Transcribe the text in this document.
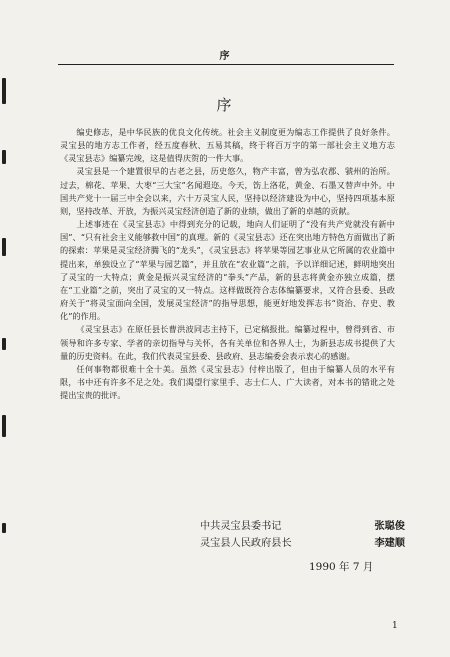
序
序

编史修志，是中华民族的优良文化传统。社会主义制度更为编志工作提供了良好条件。灵宝县的地方志工作者，经五度春秋、五易其稿，终于将百万字的第一部社会主义地方志《灵宝县志》编纂完竣，这是值得庆贺的一件大事。

灵宝县是一个建置很早的古老之县，历史悠久，物产丰富，曾为弘农郡、虢州的治所。过去，棉花、苹果、大枣“三大宝”名闻遐迩。今天，饬上洛花，黄金、石墨又替声中外。中国共产党十一届三中全会以来，六十万灵宝人民，坚持以经济建设为中心，坚持四项基本原则，坚持改革、开放，为振兴灵宝经济创造了新的业绩，做出了新的卓越的贡献。

上述事迹在《灵宝县志》中得到充分的记载，地向人们证明了“没有共产党就没有新中国”、“只有社会主义能够救中国”的真理。新的《灵宝县志》还在突出地方特色方面做出了新的探索：苹果是灵宝经济腾飞的“龙头”，《灵宝县志》将苹果等园艺事业从它所属的农业篇中提出来，单独设立了“苹果与园艺篇”，并且放在“农业篇”之前，予以详细记述，鲜明地突出了灵宝的一大特点；黄金是振兴灵宝经济的“拳头”产品，新的县志将黄金亦独立成篇，摆在“工业篇”之前，突出了灵宝的又一特点。这样做既符合志体编纂要求，又符合县委、县政府关于“将灵宝面向全国，发展灵宝经济”的指导思想，能更好地发挥志书“资治、存史、教化”的作用。

《灵宝县志》在原任县长曹洪波同志主持下，已定稿报批。编纂过程中，曾得到省、市领导和许多专家、学者的亲切指导与关怀，各有关单位和各界人士，为新县志成书提供了大量的历史资料。在此，我们代表灵宝县委、县政府、县志编委会表示衷心的感谢。

任何事物都很难十全十美。虽然《灵宝县志》付梓出版了，但由于编纂人员的水平有限，书中还有许多不足之处。我们渴望行家里手、志士仁人、广大读者，对本书的错讹之处提出宝贵的批评。

中共灵宝县委书记	张聪俊
灵宝县人民政府县长	李建顺
1990 年 7 月
1
